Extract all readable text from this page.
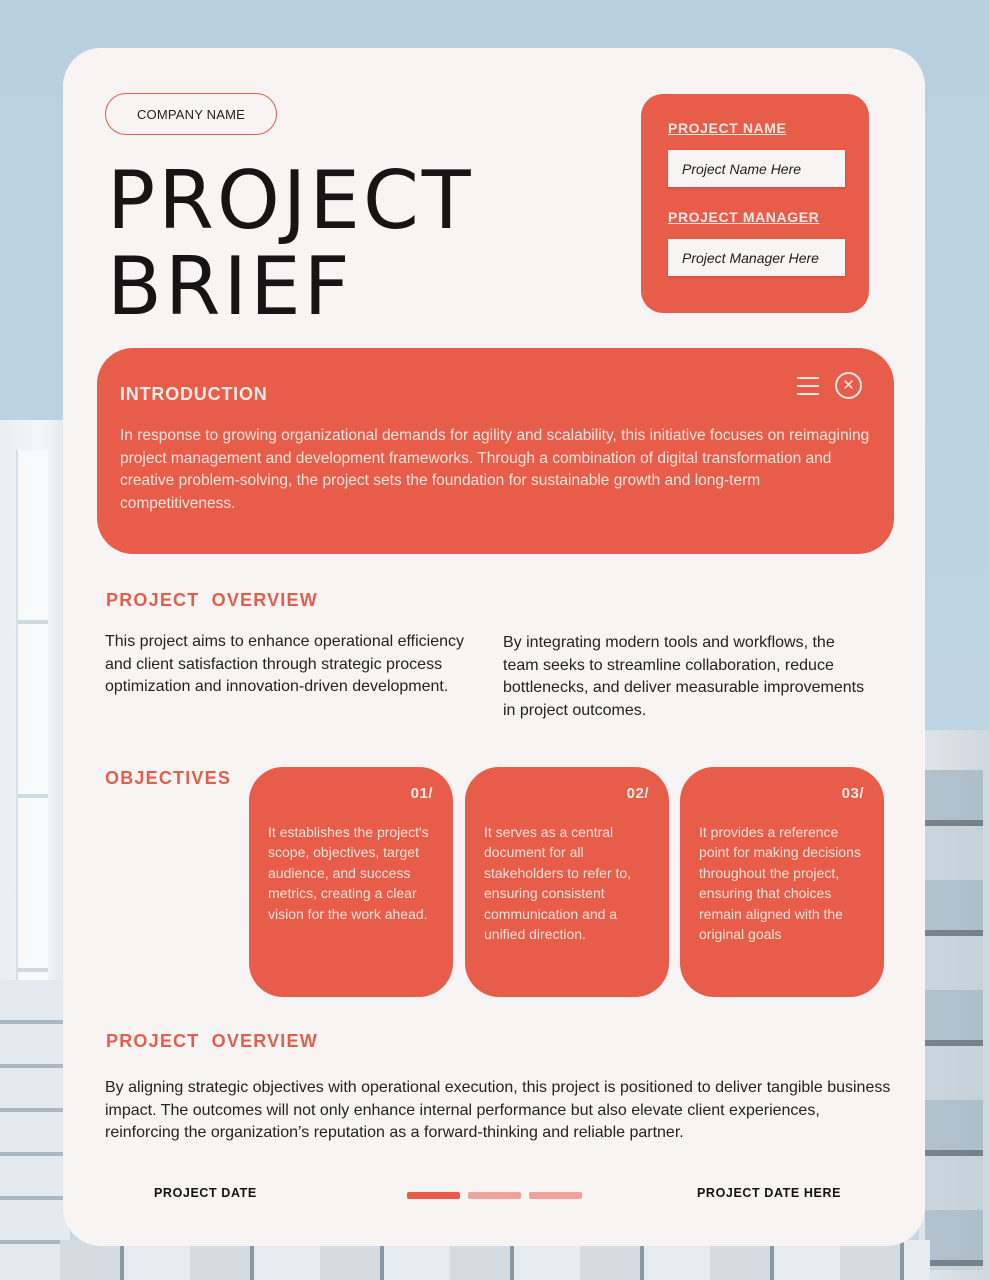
COMPANY NAME
PROJECT
BRIEF
PROJECT NAME
Project Name Here
PROJECT MANAGER
Project Manager Here
✕
INTRODUCTION

In response to growing organizational demands for agility and scalability, this initiative focuses on reimagining project management and development frameworks. Through a combination of digital transformation and creative problem-solving, the project sets the foundation for sustainable growth and long-term competitiveness.

PROJECT OVERVIEW

This project aims to enhance operational efficiency and client satisfaction through strategic process optimization and innovation-driven development.

By integrating modern tools and workflows, the team seeks to streamline collaboration, reduce bottlenecks, and deliver measurable improvements in project outcomes.

OBJECTIVES
01/

It establishes the project's scope, objectives, target audience, and success metrics, creating a clear vision for the work ahead.

02/

It serves as a central document for all stakeholders to refer to, ensuring consistent communication and a unified direction.

03/

It provides a reference point for making decisions throughout the project, ensuring that choices remain aligned with the original goals

PROJECT OVERVIEW

By aligning strategic objectives with operational execution, this project is positioned to deliver tangible business impact. The outcomes will not only enhance internal performance but also elevate client experiences, reinforcing the organization’s reputation as a forward-thinking and reliable partner.

PROJECT DATE	PROJECT DATE HERE
